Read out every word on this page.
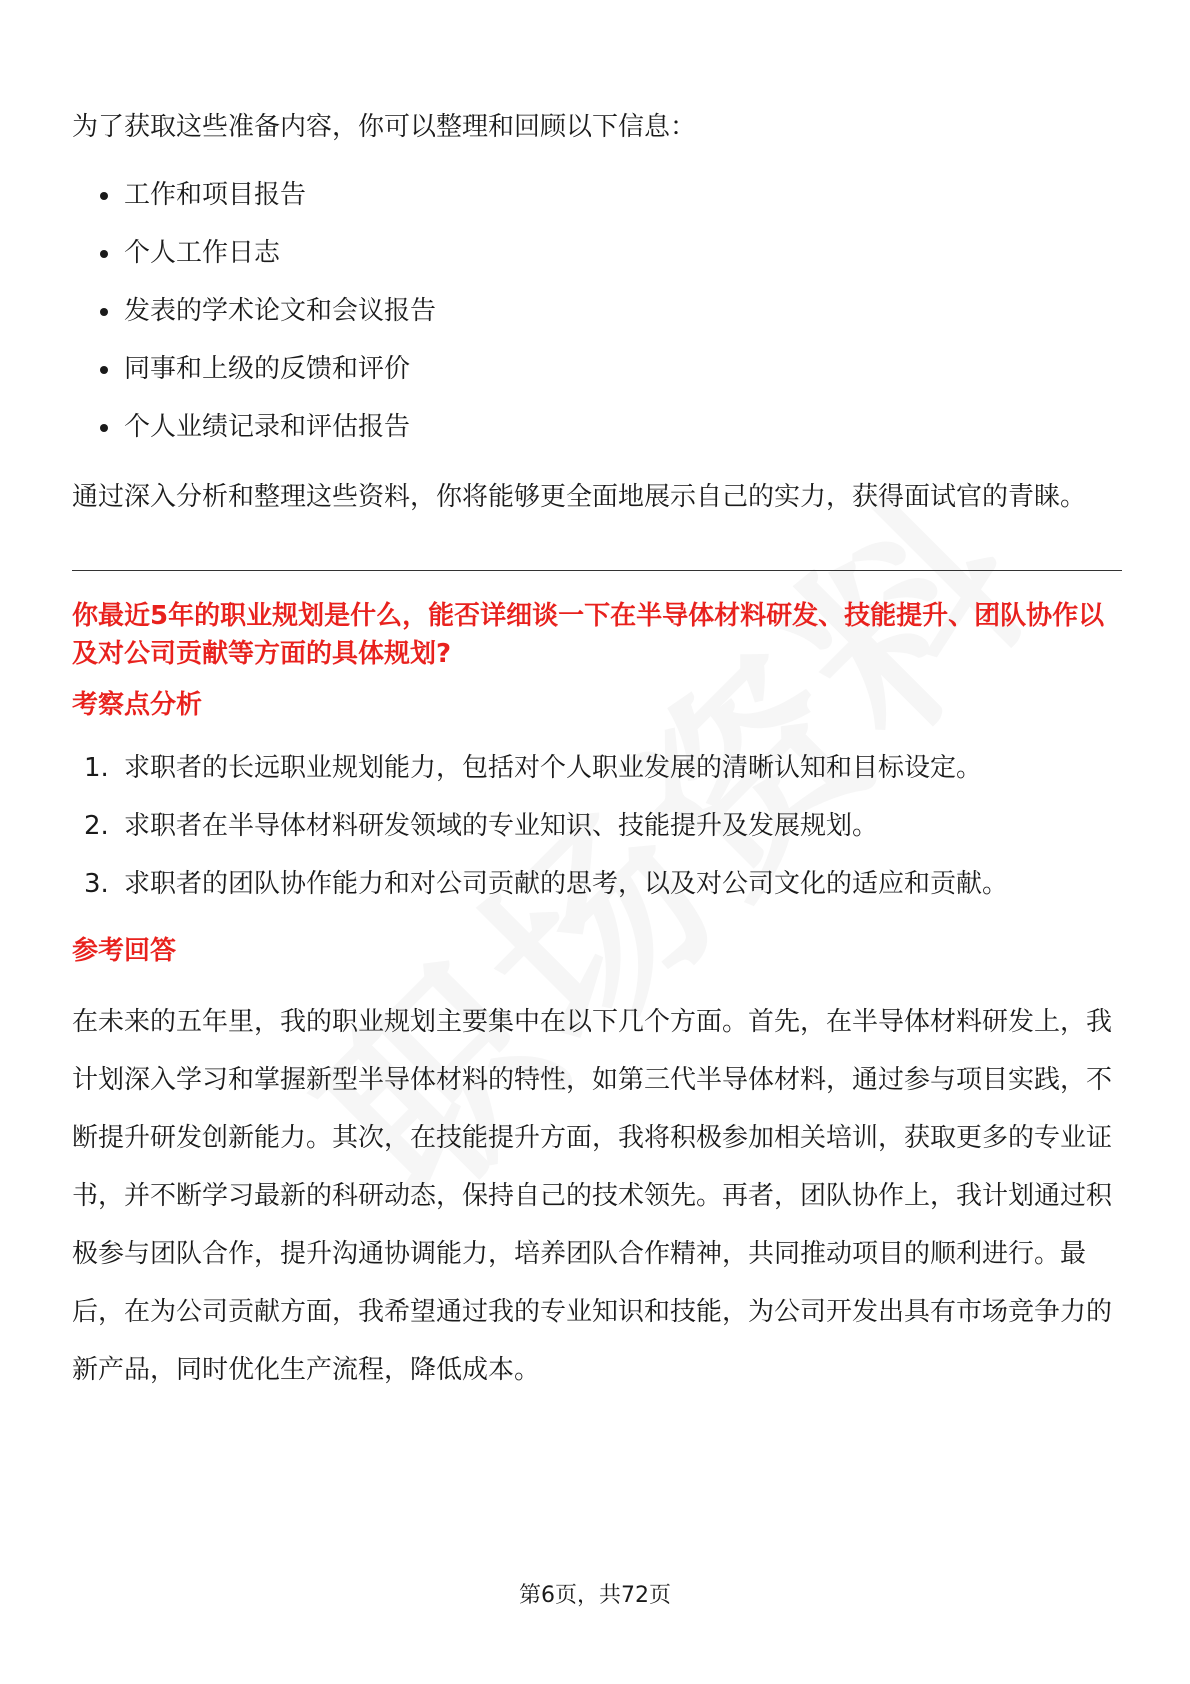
为了获取这些准备内容，你可以整理和回顾以下信息：

工作和项目报告
个人工作日志
发表的学术论文和会议报告
同事和上级的反馈和评价
个人业绩记录和评估报告

通过深入分析和整理这些资料，你将能够更全面地展示自己的实力，获得面试官的青睐。

你最近5年的职业规划是什么，能否详细谈一下在半导体材料研发、技能提升、团队协作以及对公司贡献等方面的具体规划?
考察点分析
1. 求职者的长远职业规划能力，包括对个人职业发展的清晰认知和目标设定。
2. 求职者在半导体材料研发领域的专业知识、技能提升及发展规划。
3. 求职者的团队协作能力和对公司贡献的思考，以及对公司文化的适应和贡献。
参考回答

在未来的五年里，我的职业规划主要集中在以下几个方面。首先，在半导体材料研发上，我计划深入学习和掌握新型半导体材料的特性，如第三代半导体材料，通过参与项目实践，不断提升研发创新能力。其次，在技能提升方面，我将积极参加相关培训，获取更多的专业证书，并不断学习最新的科研动态，保持自己的技术领先。再者，团队协作上，我计划通过积极参与团队合作，提升沟通协调能力，培养团队合作精神，共同推动项目的顺利进行。最后，在为公司贡献方面，我希望通过我的专业知识和技能，为公司开发出具有市场竞争力的新产品，同时优化生产流程，降低成本。

第6页，共72页
